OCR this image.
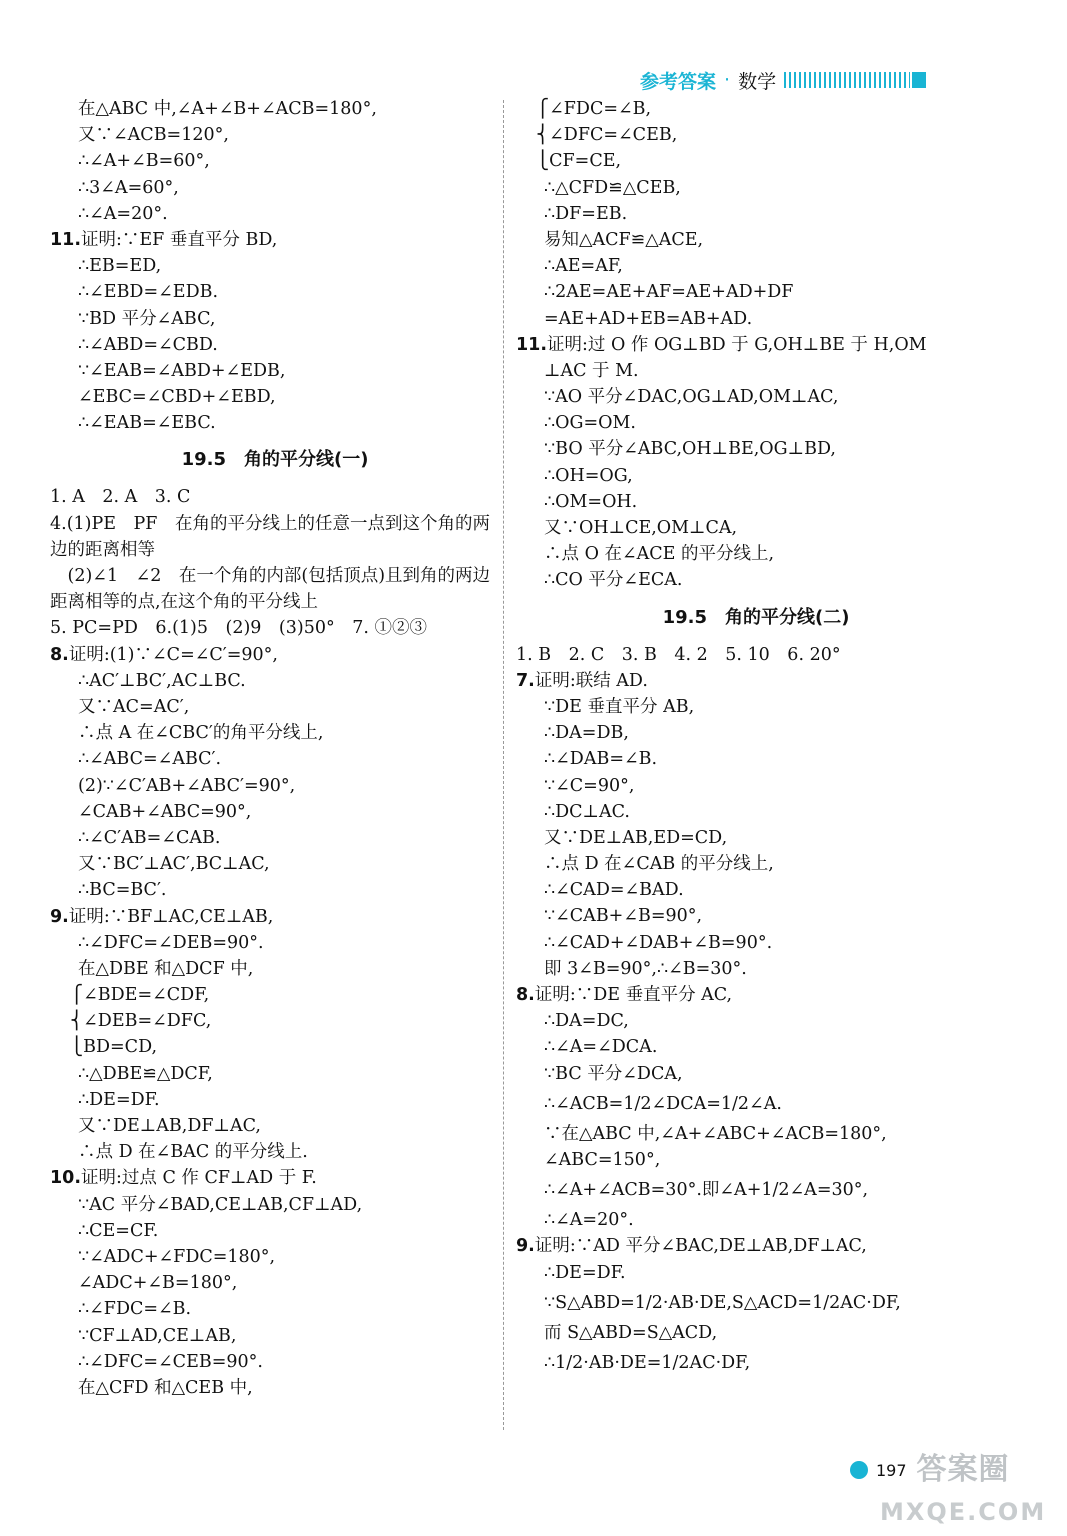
参考答案 · 数学
在△ABC 中,∠A+∠B+∠ACB=180°,
又∵∠ACB=120°,
∴∠A+∠B=60°,
∴3∠A=60°,
∴∠A=20°.
11.证明:∵EF 垂直平分 BD,
∴EB=ED,
∴∠EBD=∠EDB.
∵BD 平分∠ABC,
∴∠ABD=∠CBD.
∵∠EAB=∠ABD+∠EDB,
∠EBC=∠CBD+∠EBD,
∴∠EAB=∠EBC.
19.5　角的平分线(一)
1. A　2. A　3. C
4.(1)PE　PF　在角的平分线上的任意一点到这个角的两边的距离相等
　(2)∠1　∠2　在一个角的内部(包括顶点)且到角的两边距离相等的点,在这个角的平分线上
5. PC=PD　6.(1)5　(2)9　(3)50°　7. ①②③
8.证明:(1)∵∠C=∠C′=90°,
∴AC′⊥BC′,AC⊥BC.
又∵AC=AC′,
∴点 A 在∠CBC′的角平分线上,
∴∠ABC=∠ABC′.
(2)∵∠C′AB+∠ABC′=90°,
∠CAB+∠ABC=90°,
∴∠C′AB=∠CAB.
又∵BC′⊥AC′,BC⊥AC,
∴BC=BC′.
9.证明:∵BF⊥AC,CE⊥AB,
∴∠DFC=∠DEB=90°.
在△DBE 和△DCF 中,
⎧∠BDE=∠CDF,
⎨∠DEB=∠DFC,
⎩BD=CD,
∴△DBE≌△DCF,
∴DE=DF.
又∵DE⊥AB,DF⊥AC,
∴点 D 在∠BAC 的平分线上.
10.证明:过点 C 作 CF⊥AD 于 F.
∵AC 平分∠BAD,CE⊥AB,CF⊥AD,
∴CE=CF.
∵∠ADC+∠FDC=180°,
∠ADC+∠B=180°,
∴∠FDC=∠B.
∵CF⊥AD,CE⊥AB,
∴∠DFC=∠CEB=90°.
在△CFD 和△CEB 中,
⎧∠FDC=∠B,
⎨∠DFC=∠CEB,
⎩CF=CE,
∴△CFD≌△CEB,
∴DF=EB.
易知△ACF≌△ACE,
∴AE=AF,
∴2AE=AE+AF=AE+AD+DF
=AE+AD+EB=AB+AD.
11.证明:过 O 作 OG⊥BD 于 G,OH⊥BE 于 H,OM
⊥AC 于 M.
∵AO 平分∠DAC,OG⊥AD,OM⊥AC,
∴OG=OM.
∵BO 平分∠ABC,OH⊥BE,OG⊥BD,
∴OH=OG,
∴OM=OH.
又∵OH⊥CE,OM⊥CA,
∴点 O 在∠ACE 的平分线上,
∴CO 平分∠ECA.
19.5　角的平分线(二)
1. B　2. C　3. B　4. 2　5. 10　6. 20°
7.证明:联结 AD.
∵DE 垂直平分 AB,
∴DA=DB,
∴∠DAB=∠B.
∵∠C=90°,
∴DC⊥AC.
又∵DE⊥AB,ED=CD,
∴点 D 在∠CAB 的平分线上,
∴∠CAD=∠BAD.
∵∠CAB+∠B=90°,
∴∠CAD+∠DAB+∠B=90°.
即 3∠B=90°,∴∠B=30°.
8.证明:∵DE 垂直平分 AC,
∴DA=DC,
∴∠A=∠DCA.
∵BC 平分∠DCA,
∴∠ACB=1/2∠DCA=1/2∠A.
∵在△ABC 中,∠A+∠ABC+∠ACB=180°,
∠ABC=150°,
∴∠A+∠ACB=30°.即∠A+1/2∠A=30°,
∴∠A=20°.
9.证明:∵AD 平分∠BAC,DE⊥AB,DF⊥AC,
∴DE=DF.
∵S△ABD=1/2·AB·DE,S△ACD=1/2AC·DF,
而 S△ABD=S△ACD,
∴1/2·AB·DE=1/2AC·DF,
197 答案圈
MXQE.COM
